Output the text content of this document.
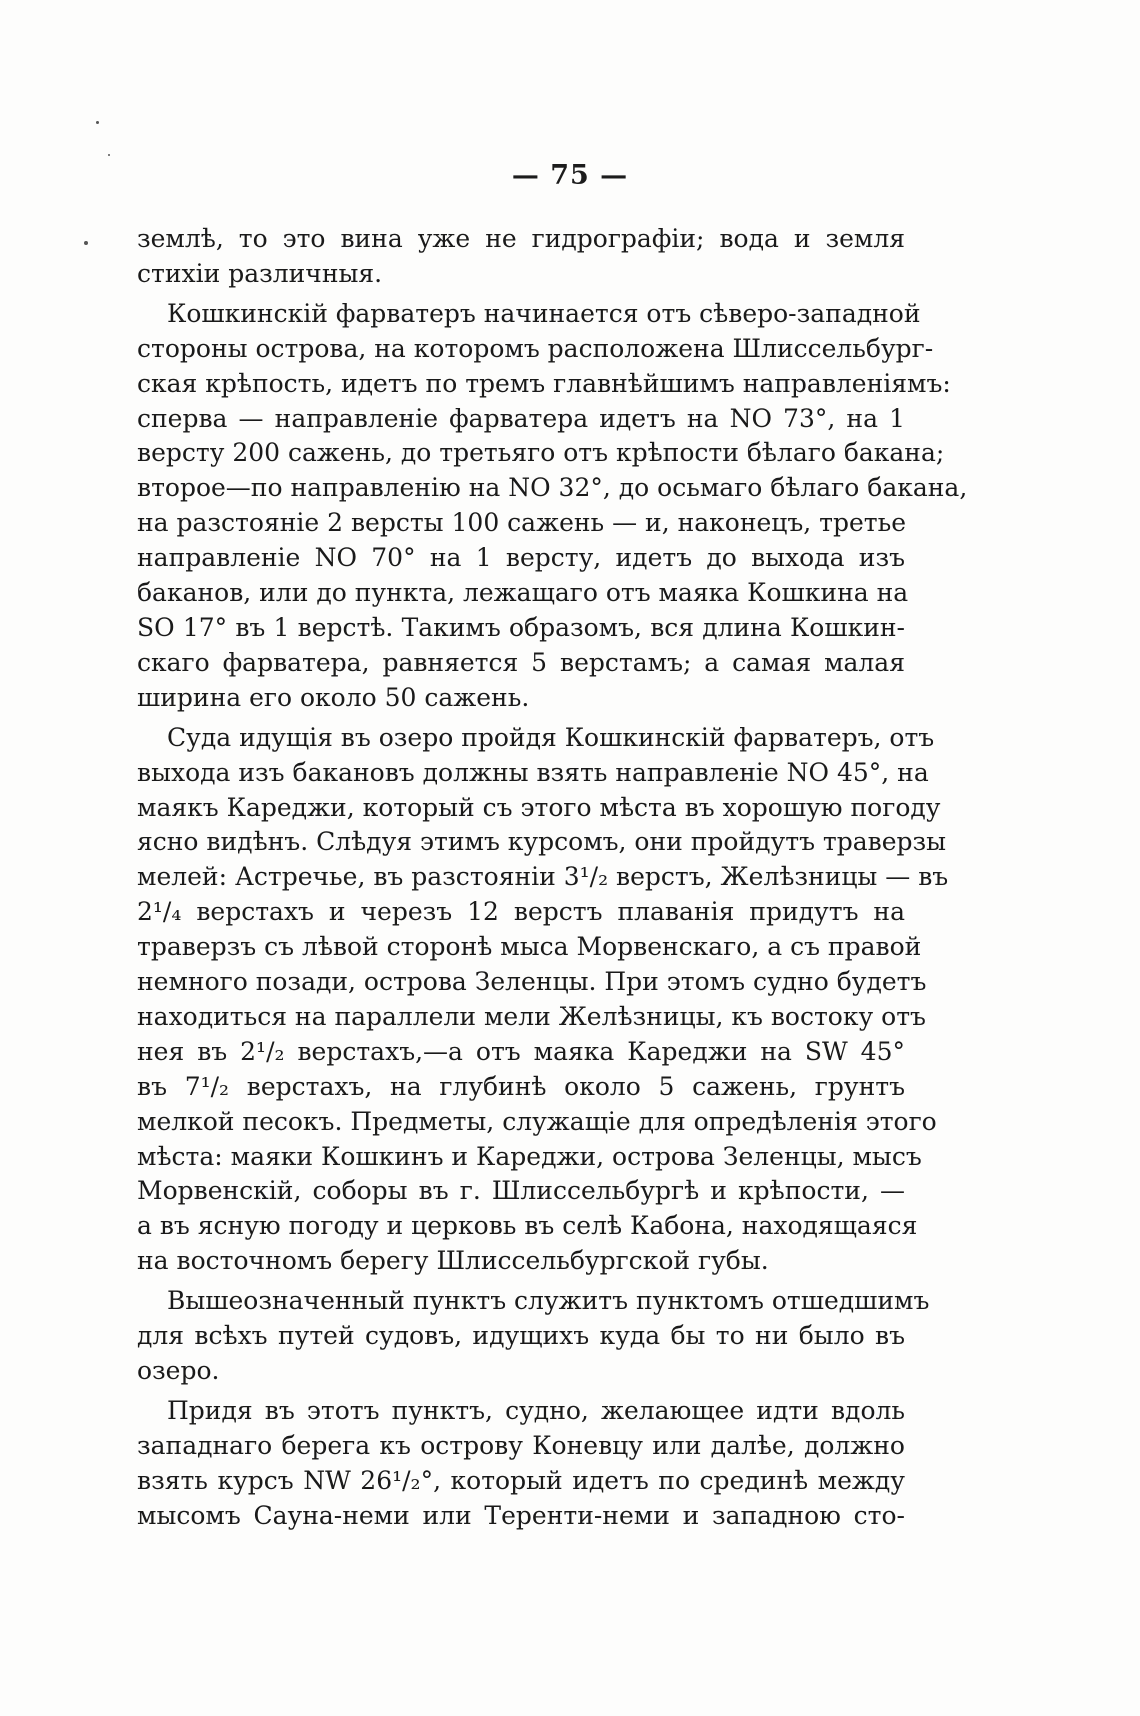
— 75 —

землѣ, то это вина уже не гидрографіи; вода и земля
стихіи различныя.

Кошкинскій фарватеръ начинается отъ сѣверо-западной
стороны острова, на которомъ расположена Шлиссельбург-
ская крѣпость, идетъ по тремъ главнѣйшимъ направленіямъ:
сперва — направленіе фарватера идетъ на NO 73°, на 1
версту 200 сажень, до третьяго отъ крѣпости бѣлаго бакана;
второе—по направленію на NO 32°, до осьмаго бѣлаго бакана,
на разстояніе 2 версты 100 сажень — и, наконецъ, третье
направленіе NO 70° на 1 версту, идетъ до выхода изъ
баканов, или до пункта, лежащаго отъ маяка Кошкина на
SO 17° въ 1 верстѣ. Такимъ образомъ, вся длина Кошкин-
скаго фарватера, равняется 5 верстамъ; а самая малая
ширина его около 50 сажень.

Суда идущія въ озеро пройдя Кошкинскій фарватеръ, отъ
выхода изъ бакановъ должны взять направленіе NO 45°, на
маякъ Кареджи, который съ этого мѣста въ хорошую погоду
ясно видѣнъ. Слѣдуя этимъ курсомъ, они пройдутъ траверзы
мелей: Астречье, въ разстояніи 3¹/₂ верстъ, Желѣзницы — въ
2¹/₄ верстахъ и черезъ 12 верстъ плаванія придутъ на
траверзъ съ лѣвой сторонѣ мыса Морвенскаго, а съ правой
немного позади, острова Зеленцы. При этомъ судно будетъ
находиться на параллели мели Желѣзницы, къ востоку отъ
нея въ 2¹/₂ верстахъ,—а отъ маяка Кареджи на SW 45°
въ 7¹/₂ верстахъ, на глубинѣ около 5 сажень, грунтъ
мелкой песокъ. Предметы, служащіе для опредѣленія этого
мѣста: маяки Кошкинъ и Кареджи, острова Зеленцы, мысъ
Морвенскій, соборы въ г. Шлиссельбургѣ и крѣпости, —
а въ ясную погоду и церковь въ селѣ Кабона, находящаяся
на восточномъ берегу Шлиссельбургской губы.

Вышеозначенный пунктъ служитъ пунктомъ отшедшимъ
для всѣхъ путей судовъ, идущихъ куда бы то ни было въ
озеро.

Придя въ этотъ пунктъ, судно, желающее идти вдоль
западнаго берега къ острову Коневцу или далѣе, должно
взять курсъ NW 26¹/₂°, который идетъ по срединѣ между
мысомъ Сауна-неми или Теренти-неми и западною сто-
